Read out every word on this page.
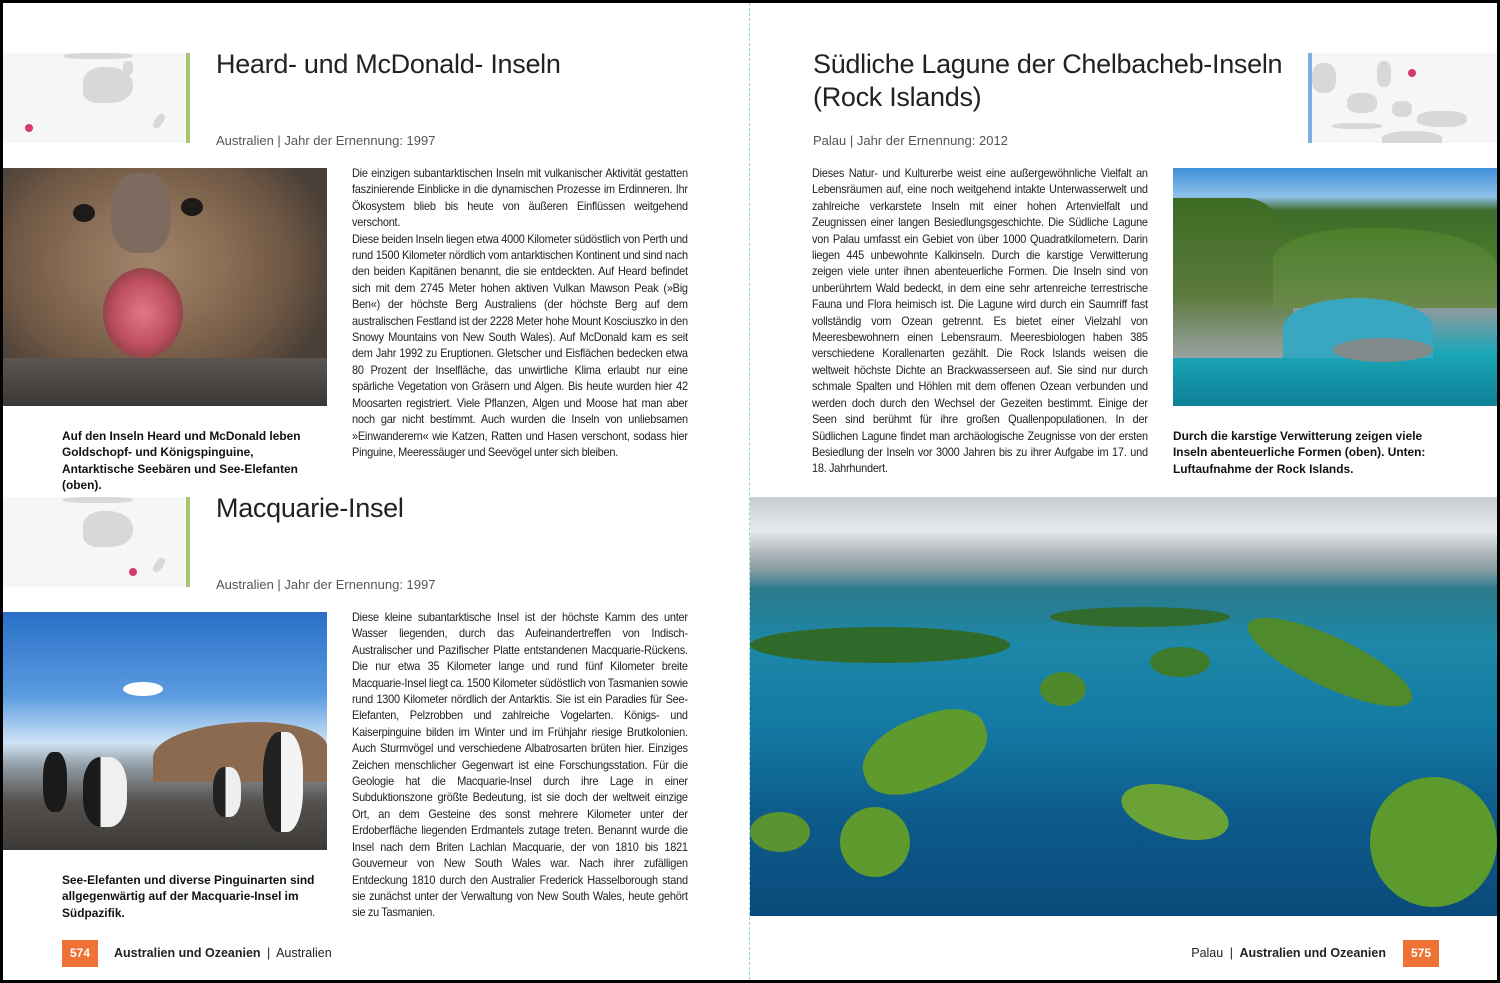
Heard- und McDonald- Inseln
Australien | Jahr der Ernennung: 1997

Die einzigen subantarktischen Inseln mit vulkanischer Aktivität gestatten faszinierende Einblicke in die dynamischen Prozesse im Erdinneren. Ihr Ökosystem blieb bis heute von äußeren Einflüssen weitgehend verschont.

Diese beiden Inseln liegen etwa 4000 Kilometer südöstlich von Perth und rund 1500 Kilometer nördlich vom antarktischen Kontinent und sind nach den beiden Kapitänen benannt, die sie entdeckten. Auf Heard befindet sich mit dem 2745 Meter hohen aktiven Vulkan Mawson Peak (»Big Ben«) der höchste Berg Australiens (der höchste Berg auf dem australischen Festland ist der 2228 Meter hohe Mount Kosciuszko in den Snowy Mountains von New South Wales). Auf McDonald kam es seit dem Jahr 1992 zu Eruptionen. Gletscher und Eisflächen bedecken etwa 80 Prozent der Inselfläche, das unwirtliche Klima erlaubt nur eine spärliche Vegetation von Gräsern und Algen. Bis heute wurden hier 42 Moosarten registriert. Viele Pflanzen, Algen und Moose hat man aber noch gar nicht bestimmt. Auch wurden die Inseln von unliebsamen »Einwanderern« wie Katzen, Ratten und Hasen verschont, sodass hier Pinguine, Meeressäuger und Seevögel unter sich bleiben.

Auf den Inseln Heard und McDonald leben Goldschopf- und Königspinguine, Antarktische Seebären und See-Elefanten (oben).
Macquarie-Insel
Australien | Jahr der Ernennung: 1997

Diese kleine subantarktische Insel ist der höchste Kamm des unter Wasser liegenden, durch das Aufeinandertreffen von Indisch-Australischer und Pazifischer Platte entstandenen Macquarie-Rückens. Die nur etwa 35 Kilometer lange und rund fünf Kilometer breite Macquarie-Insel liegt ca. 1500 Kilometer südöstlich von Tasmanien sowie rund 1300 Kilometer nördlich der Antarktis. Sie ist ein Paradies für See-Elefanten, Pelzrobben und zahlreiche Vogelarten. Königs- und Kaiserpinguine bilden im Winter und im Frühjahr riesige Brutkolonien. Auch Sturmvögel und verschiedene Albatrosarten brüten hier. Einziges Zeichen menschlicher Gegenwart ist eine Forschungsstation. Für die Geologie hat die Macquarie-Insel durch ihre Lage in einer Subduktionszone größte Bedeutung, ist sie doch der weltweit einzige Ort, an dem Gesteine des sonst mehrere Kilometer unter der Erdoberfläche liegenden Erdmantels zutage treten. Benannt wurde die Insel nach dem Briten Lachlan Macquarie, der von 1810 bis 1821 Gouverneur von New South Wales war. Nach ihrer zufälligen Entdeckung 1810 durch den Australier Frederick Hasselborough stand sie zunächst unter der Verwaltung von New South Wales, heute gehört sie zu Tasmanien.

See-Elefanten und diverse Pinguinarten sind allgegenwärtig auf der Macquarie-Insel im Südpazifik.
574	Australien und Ozeanien | Australien
Südliche Lagune der Chelbacheb-Inseln
(Rock Islands)
Palau | Jahr der Ernennung: 2012

Dieses Natur- und Kulturerbe weist eine außergewöhnliche Vielfalt an Lebensräumen auf, eine noch weitgehend intakte Unterwasserwelt und zahlreiche verkarstete Inseln mit einer hohen Artenvielfalt und Zeugnissen einer langen Besiedlungsgeschichte. Die Südliche Lagune von Palau umfasst ein Gebiet von über 1000 Quadratkilometern. Darin liegen 445 unbewohnte Kalkinseln. Durch die karstige Verwitterung zeigen viele unter ihnen abenteuerliche Formen. Die Inseln sind von unberührtem Wald bedeckt, in dem eine sehr artenreiche terrestrische Fauna und Flora heimisch ist. Die Lagune wird durch ein Saumriff fast vollständig vom Ozean getrennt. Es bietet einer Vielzahl von Meeresbewohnern einen Lebensraum. Meeresbiologen haben 385 verschiedene Korallenarten gezählt. Die Rock Islands weisen die weltweit höchste Dichte an Brackwasserseen auf. Sie sind nur durch schmale Spalten und Höhlen mit dem offenen Ozean verbunden und werden doch durch den Wechsel der Gezeiten bestimmt. Einige der Seen sind berühmt für ihre großen Quallenpopulationen. In der Südlichen Lagune findet man archäologische Zeugnisse von der ersten Besiedlung der Inseln vor 3000 Jahren bis zu ihrer Aufgabe im 17. und 18. Jahrhundert.

Durch die karstige Verwitterung zeigen viele Inseln abenteuerliche Formen (oben). Unten: Luftaufnahme der Rock Islands.
Palau | Australien und Ozeanien	575
